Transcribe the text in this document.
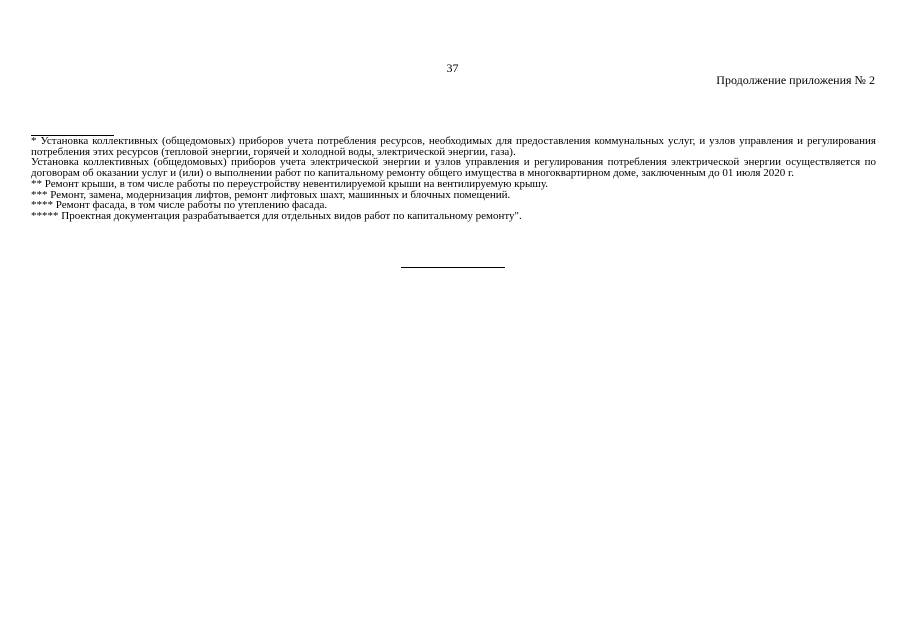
37
Продолжение приложения № 2

* Установка коллективных (общедомовых) приборов учета потребления ресурсов, необходимых для предоставления коммунальных услуг, и узлов управления и регулирования потребления этих ресурсов (тепловой энергии, горячей и холодной воды, электрической энергии, газа).

Установка коллективных (общедомовых) приборов учета электрической энергии и узлов управления и регулирования потребления электрической энергии осуществляется по договорам об оказании услуг и (или) о выполнении работ по капитальному ремонту общего имущества в многоквартирном доме, заключенным до 01 июля 2020 г.

** Ремонт крыши, в том числе работы по переустройству невентилируемой крыши на вентилируемую крышу.

*** Ремонт, замена, модернизация лифтов, ремонт лифтовых шахт, машинных и блочных помещений.

**** Ремонт фасада, в том числе работы по утеплению фасада.

***** Проектная документация разрабатывается для отдельных видов работ по капитальному ремонту".
